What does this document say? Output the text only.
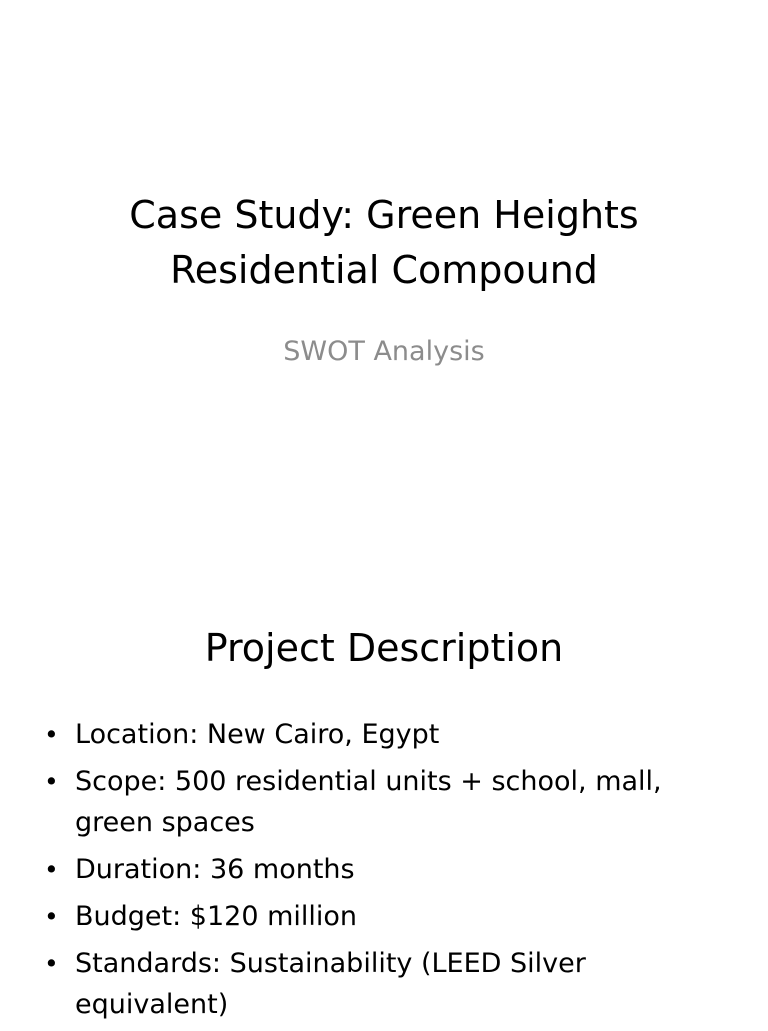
Case Study: Green Heights Residential Compound

SWOT Analysis

Project Description
• Location: New Cairo, Egypt
• Scope: 500 residential units + school, mall, green spaces
• Duration: 36 months
• Budget: $120 million
• Standards: Sustainability (LEED Silver equivalent)
